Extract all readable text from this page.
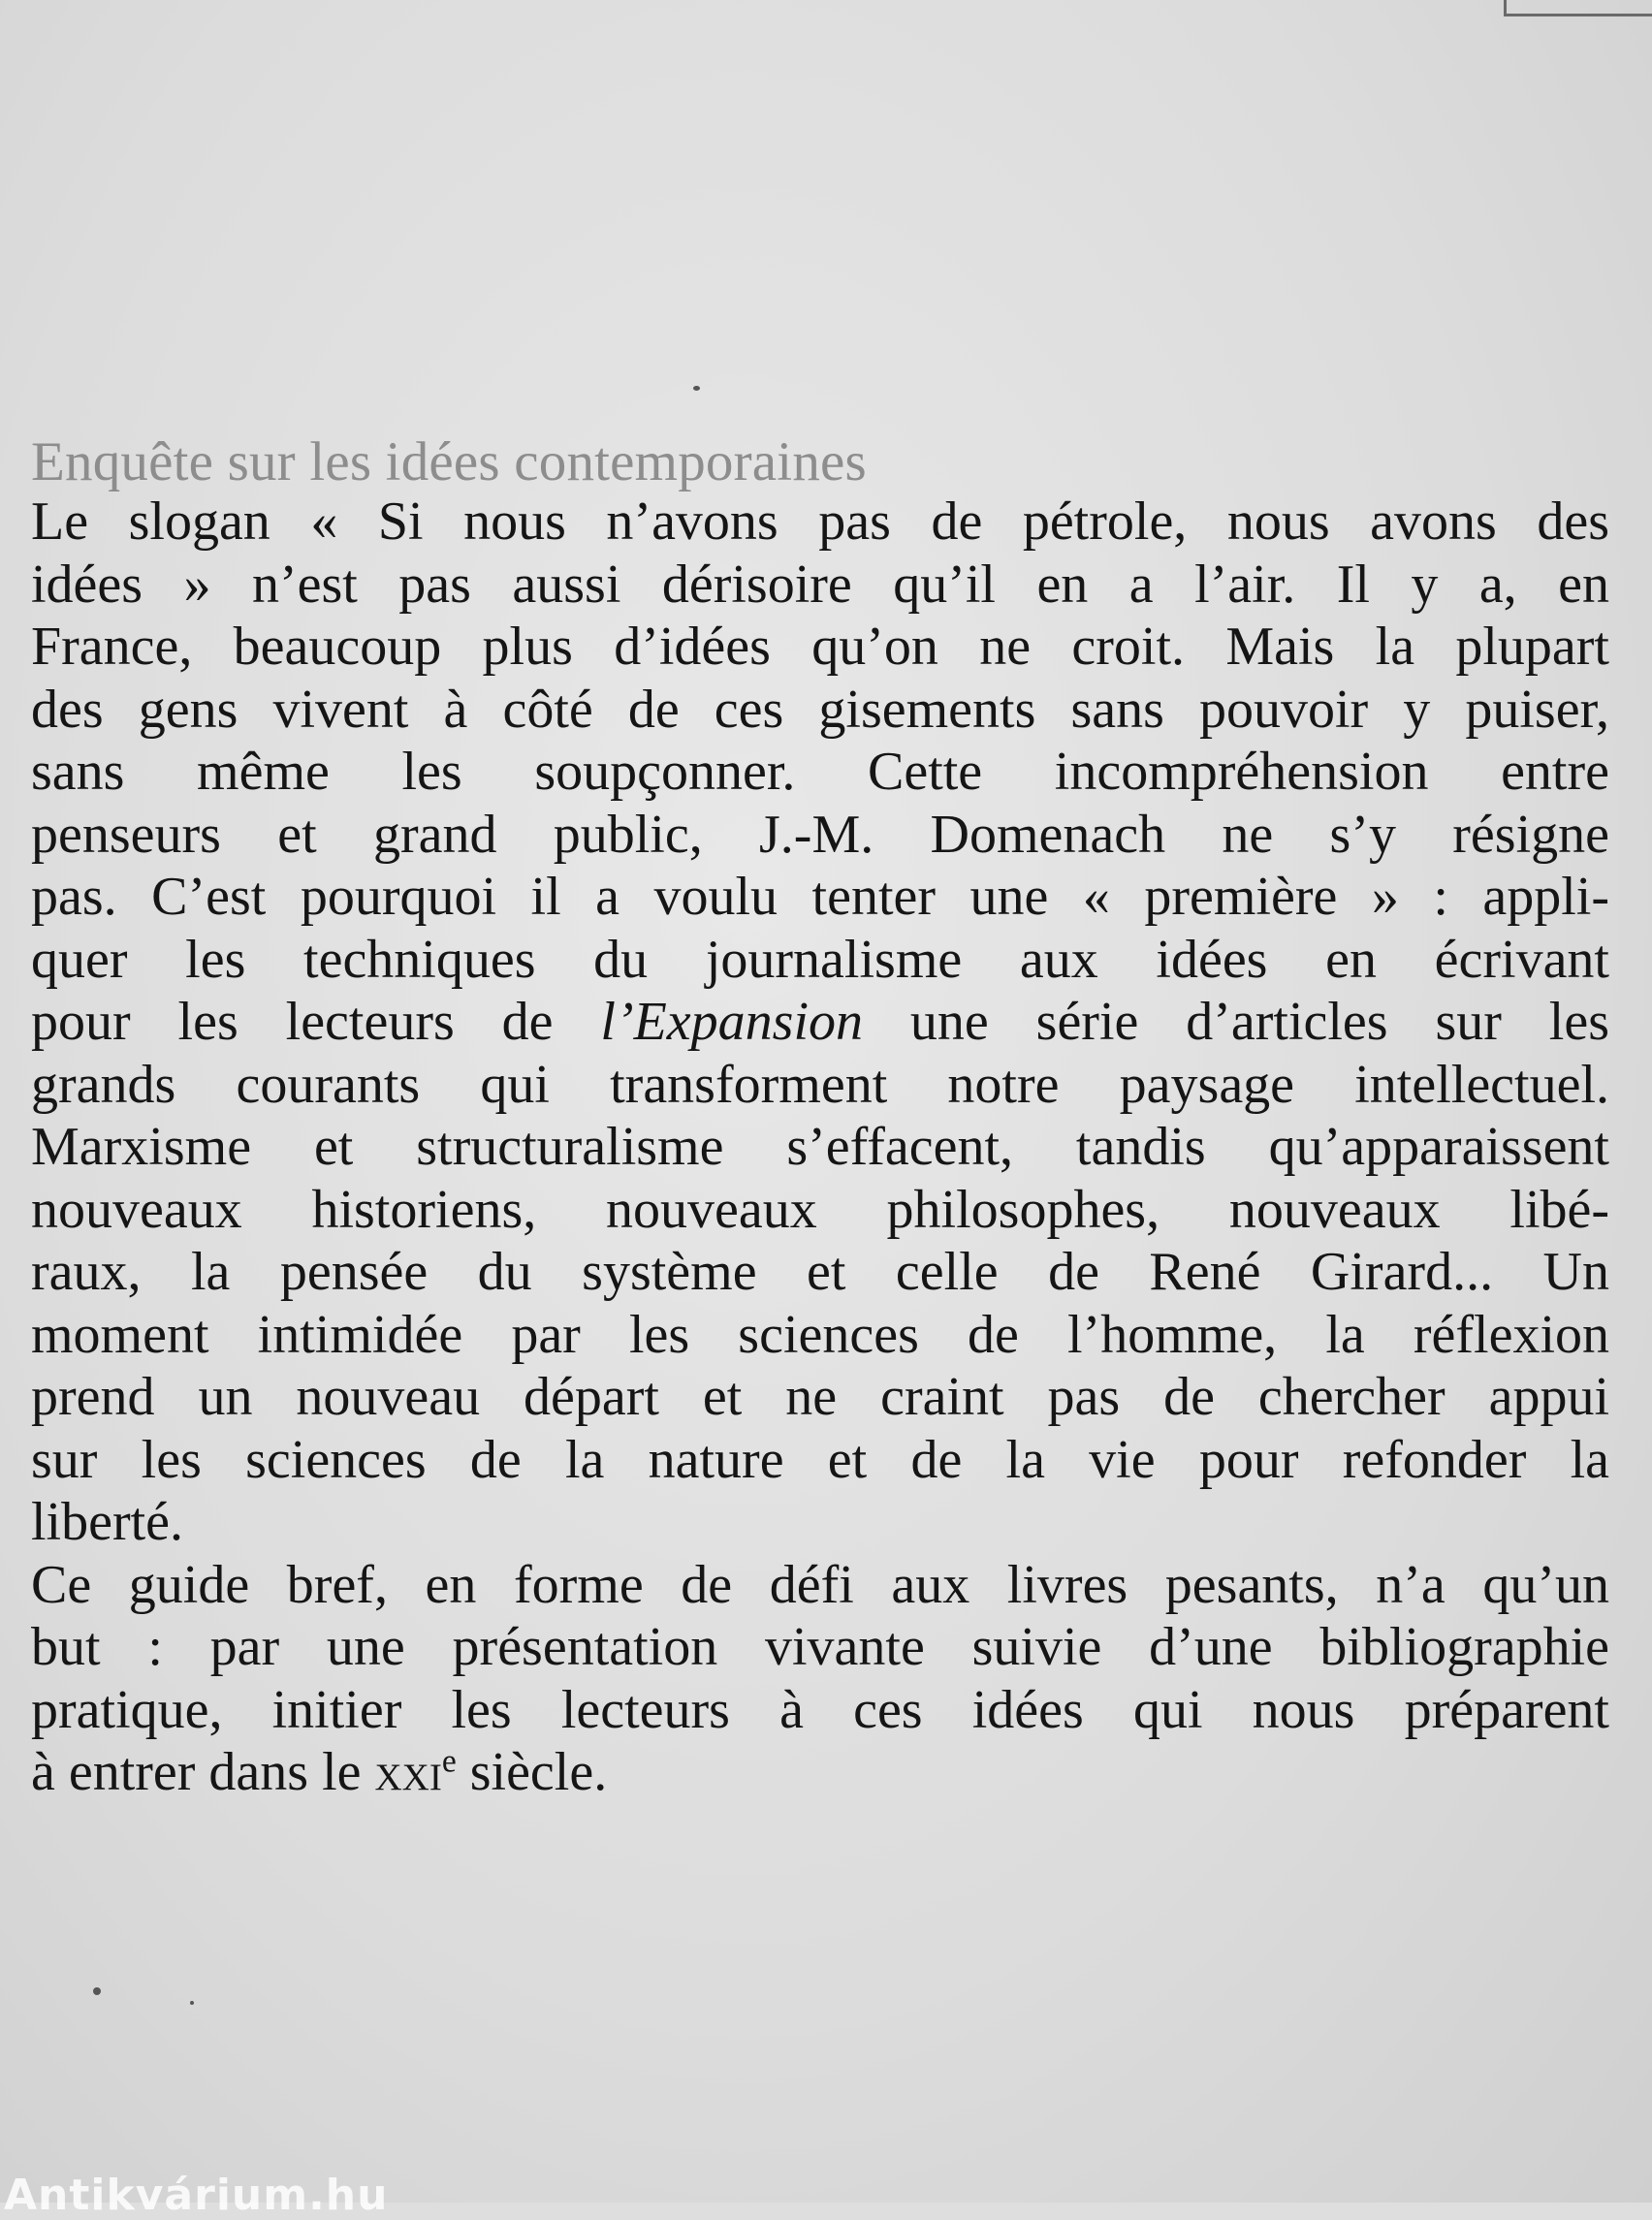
Enquête sur les idées contemporaines
Le slogan « Si nous n’avons pas de pétrole, nous avons des
idées » n’est pas aussi dérisoire qu’il en a l’air. Il y a, en
France, beaucoup plus d’idées qu’on ne croit. Mais la plupart
des gens vivent à côté de ces gisements sans pouvoir y puiser,
sans même les soupçonner. Cette incompréhension entre
penseurs et grand public, J.-M. Domenach ne s’y résigne
pas. C’est pourquoi il a voulu tenter une « première » : appli-
quer les techniques du journalisme aux idées en écrivant
pour les lecteurs de l’Expansion une série d’articles sur les
grands courants qui transforment notre paysage intellectuel.
Marxisme et structuralisme s’effacent, tandis qu’apparaissent
nouveaux historiens, nouveaux philosophes, nouveaux libé-
raux, la pensée du système et celle de René Girard... Un
moment intimidée par les sciences de l’homme, la réflexion
prend un nouveau départ et ne craint pas de chercher appui
sur les sciences de la nature et de la vie pour refonder la
liberté.
Ce guide bref, en forme de défi aux livres pesants, n’a qu’un
but : par une présentation vivante suivie d’une bibliographie
pratique, initier les lecteurs à ces idées qui nous préparent
à entrer dans le xxi$^e$ siècle.
Antikvárium.hu
